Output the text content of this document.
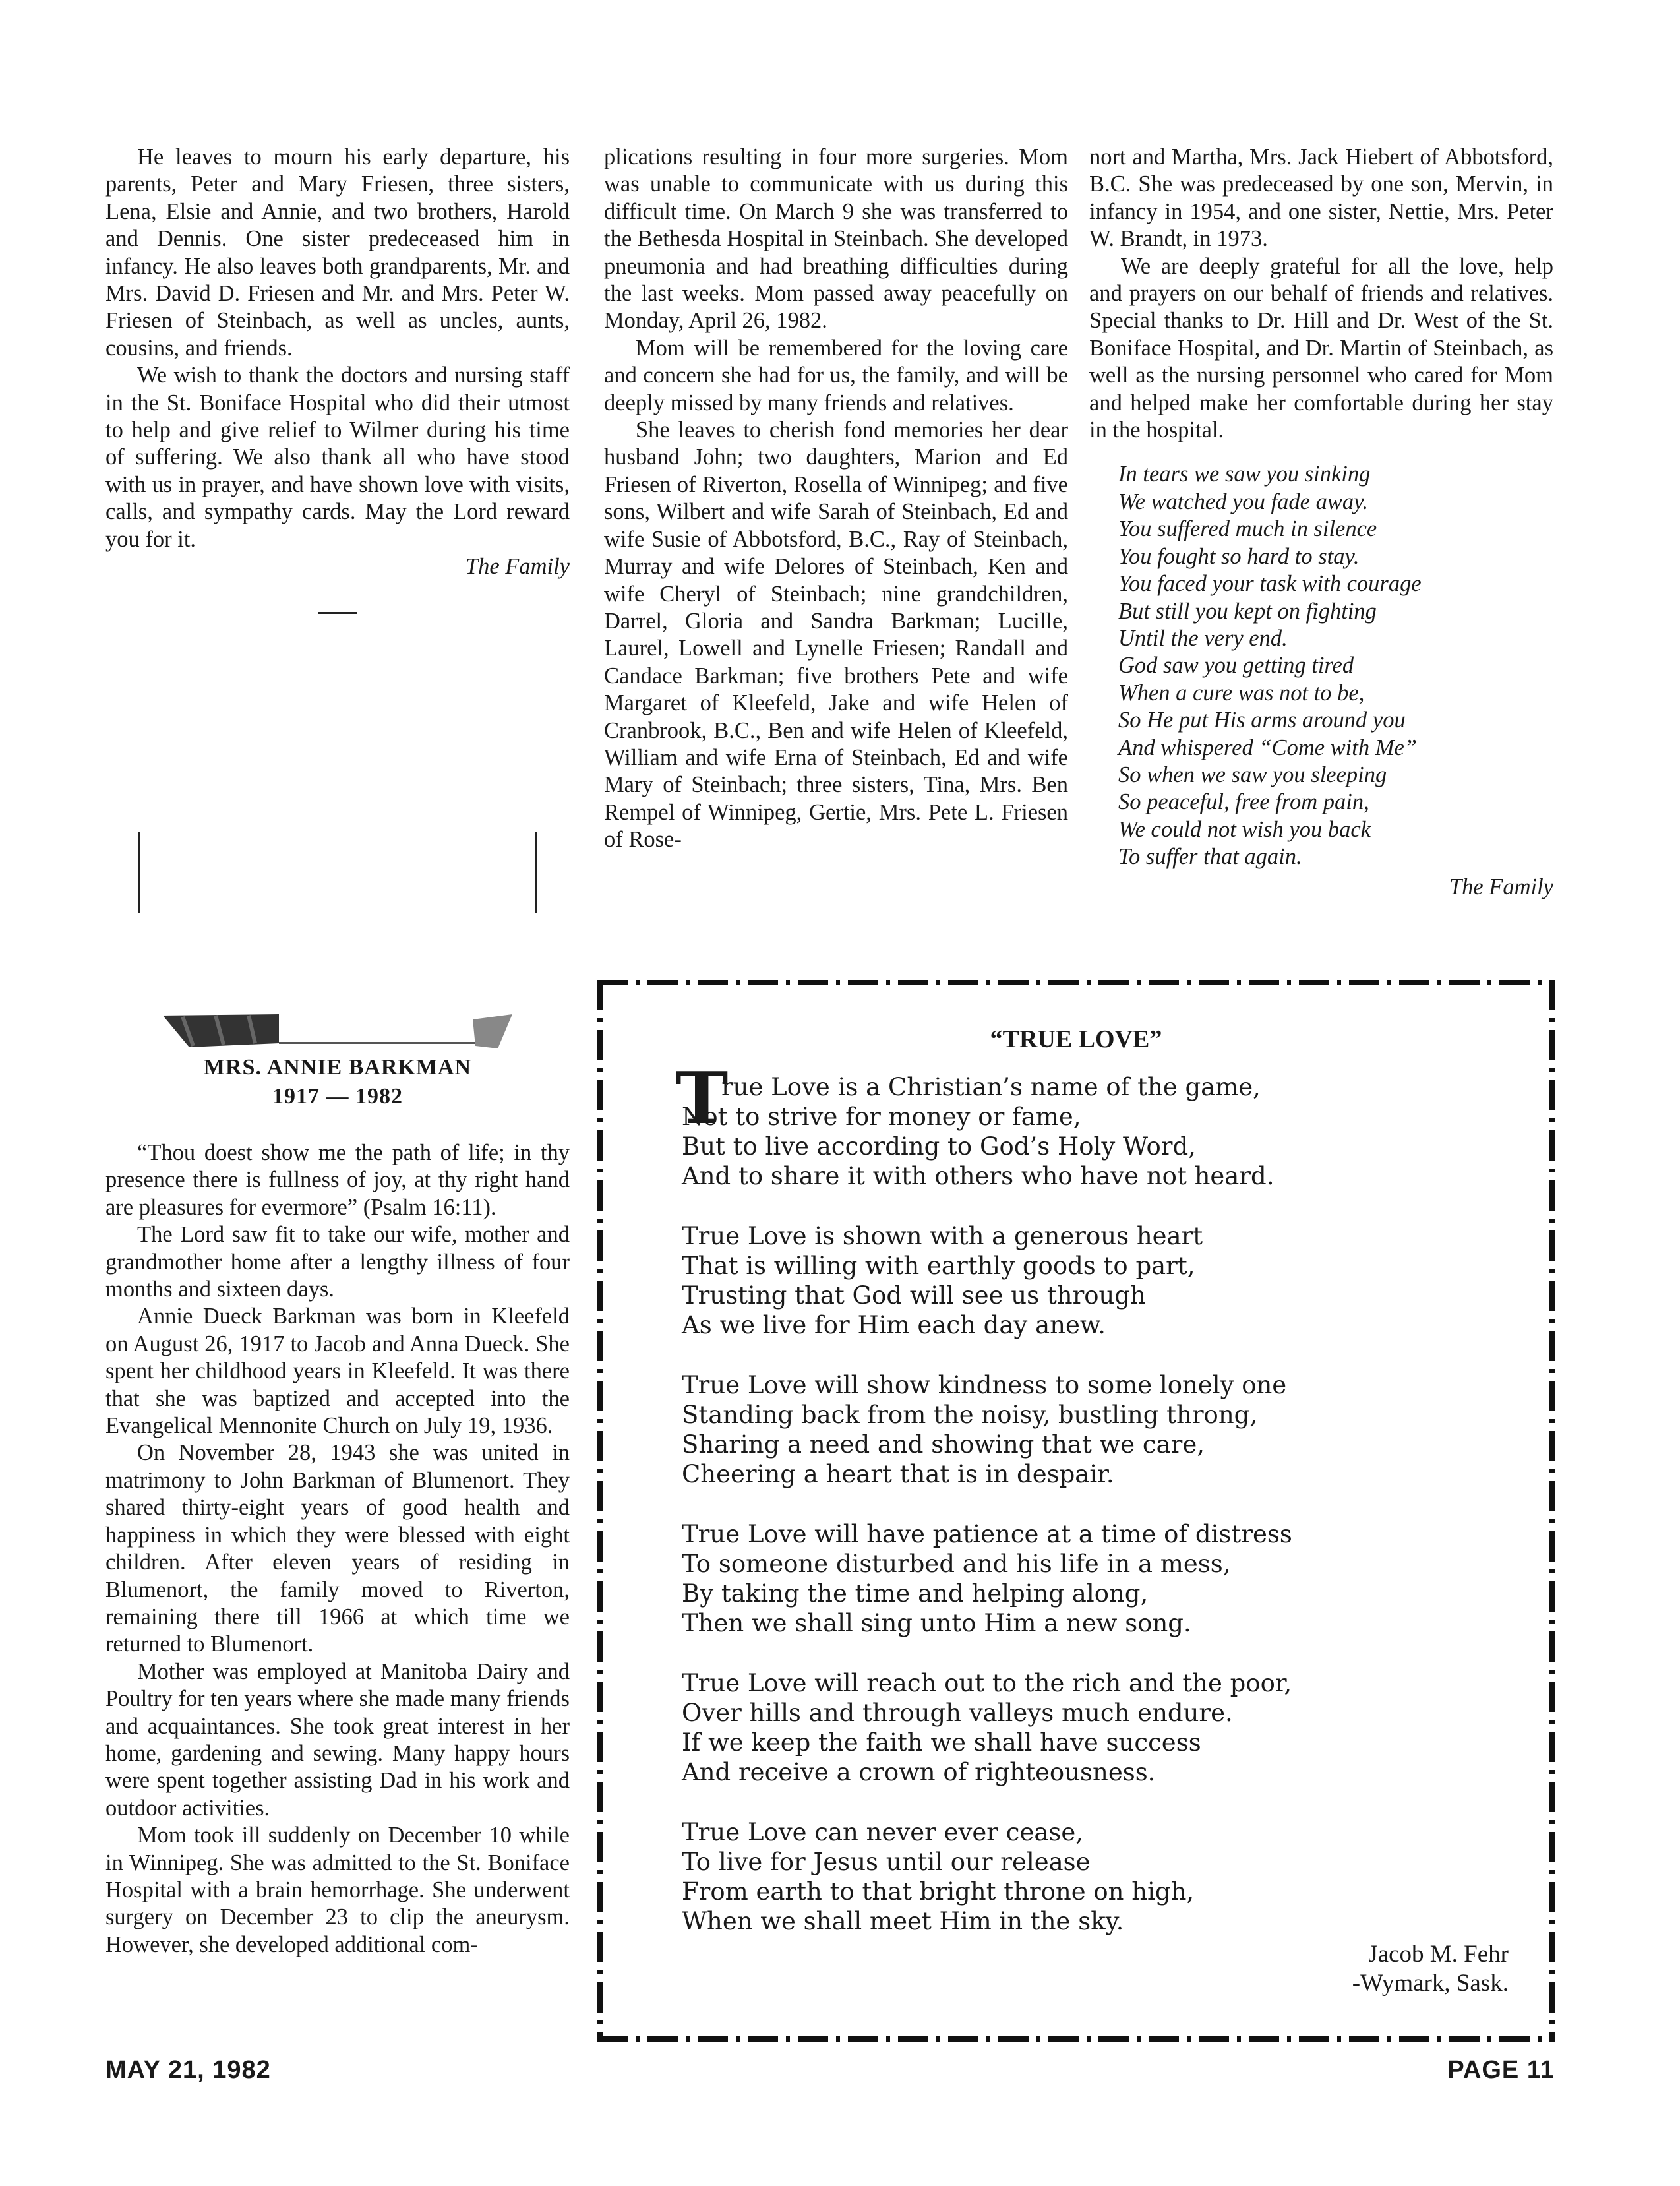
He leaves to mourn his early departure, his parents, Peter and Mary Friesen, three sisters, Lena, Elsie and Annie, and two brothers, Harold and Dennis. One sister predeceased him in infancy. He also leaves both grandparents, Mr. and Mrs. David D. Friesen and Mr. and Mrs. Peter W. Friesen of Steinbach, as well as uncles, aunts, cousins, and friends.

We wish to thank the doctors and nursing staff in the St. Boniface Hospital who did their utmost to help and give relief to Wilmer during his time of suffering. We also thank all who have stood with us in prayer, and have shown love with visits, calls, and sympathy cards. May the Lord reward you for it.

The Family
MRS. ANNIE BARKMAN
1917 — 1982

“Thou doest show me the path of life; in thy presence there is fullness of joy, at thy right hand are pleasures for evermore” (Psalm 16:11).

The Lord saw fit to take our wife, mother and grandmother home after a lengthy illness of four months and sixteen days.

Annie Dueck Barkman was born in Kleefeld on August 26, 1917 to Jacob and Anna Dueck. She spent her childhood years in Kleefeld. It was there that she was baptized and accepted into the Evangelical Mennonite Church on July 19, 1936.

On November 28, 1943 she was united in matrimony to John Barkman of Blumenort. They shared thirty-eight years of good health and happiness in which they were blessed with eight children. After eleven years of residing in Blumenort, the family moved to Riverton, remaining there till 1966 at which time we returned to Blumenort.

Mother was employed at Manitoba Dairy and Poultry for ten years where she made many friends and acquaintances. She took great interest in her home, gardening and sewing. Many happy hours were spent together assisting Dad in his work and outdoor activities.

Mom took ill suddenly on December 10 while in Winnipeg. She was admitted to the St. Boniface Hospital with a brain hemorrhage. She underwent surgery on December 23 to clip the aneurysm. However, she developed additional com-

plications resulting in four more surgeries. Mom was unable to communicate with us during this difficult time. On March 9 she was transferred to the Bethesda Hospital in Steinbach. She developed pneumonia and had breathing difficulties during the last weeks. Mom passed away peacefully on Monday, April 26, 1982.

Mom will be remembered for the loving care and concern she had for us, the family, and will be deeply missed by many friends and relatives.

She leaves to cherish fond memories her dear husband John; two daughters, Marion and Ed Friesen of Riverton, Rosella of Winnipeg; and five sons, Wilbert and wife Sarah of Steinbach, Ed and wife Susie of Abbotsford, B.C., Ray of Steinbach, Murray and wife Delores of Steinbach, Ken and wife Cheryl of Steinbach; nine grandchildren, Darrel, Gloria and Sandra Barkman; Lucille, Laurel, Lowell and Lynelle Friesen; Randall and Candace Barkman; five brothers Pete and wife Margaret of Kleefeld, Jake and wife Helen of Cranbrook, B.C., Ben and wife Helen of Kleefeld, William and wife Erna of Steinbach, Ed and wife Mary of Steinbach; three sisters, Tina, Mrs. Ben Rempel of Winnipeg, Gertie, Mrs. Pete L. Friesen of Rose-

nort and Martha, Mrs. Jack Hiebert of Abbotsford, B.C. She was predeceased by one son, Mervin, in infancy in 1954, and one sister, Nettie, Mrs. Peter W. Brandt, in 1973.

We are deeply grateful for all the love, help and prayers on our behalf of friends and relatives. Special thanks to Dr. Hill and Dr. West of the St. Boniface Hospital, and Dr. Martin of Steinbach, as well as the nursing personnel who cared for Mom and helped make her comfortable during her stay in the hospital.

In tears we saw you sinking
We watched you fade away.
You suffered much in silence
You fought so hard to stay.
You faced your task with courage
But still you kept on fighting
Until the very end.
God saw you getting tired
When a cure was not to be,
So He put His arms around you
And whispered “Come with Me”
So when we saw you sleeping
So peaceful, free from pain,
We could not wish you back
To suffer that again.
The Family
“TRUE LOVE”
T
rue Love is a Christian’s name of the game,
Not to strive for money or fame,
But to live according to God’s Holy Word,
And to share it with others who have not heard.
True Love is shown with a generous heart
That is willing with earthly goods to part,
Trusting that God will see us through
As we live for Him each day anew.
True Love will show kindness to some lonely one
Standing back from the noisy, bustling throng,
Sharing a need and showing that we care,
Cheering a heart that is in despair.
True Love will have patience at a time of distress
To someone disturbed and his life in a mess,
By taking the time and helping along,
Then we shall sing unto Him a new song.
True Love will reach out to the rich and the poor,
Over hills and through valleys much endure.
If we keep the faith we shall have success
And receive a crown of righteousness.
True Love can never ever cease,
To live for Jesus until our release
From earth to that bright throne on high,
When we shall meet Him in the sky.
Jacob M. Fehr
-Wymark, Sask.
MAY 21, 1982	PAGE 11
